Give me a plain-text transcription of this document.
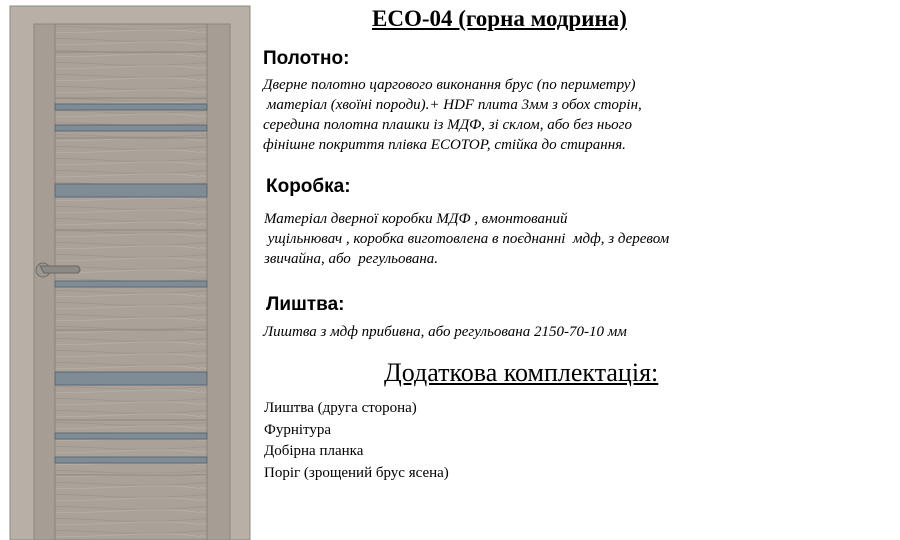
ECO-04 (горна модрина)
Полотно:
Дверне полотно царгового виконання брус (по периметру)
матеріал (хвоїні породи).+ HDF плита 3мм з обох сторін,
середина полотна плашки із МДФ, зі склом, або без нього
фінішне покриття плівка ECOTOP, стійка до стирання.
Коробка:
Матеріал дверної коробки МДФ , вмонтований
ущільнювач , коробка виготовлена в поєднанні  мдф, з деревом
звичайна, або  регульована.
Лиштва:
Лиштва з мдф прибивна, або регульована 2150-70-10 мм
Додаткова комплектація:
Лиштва (друга сторона)
Фурнітура
Добірна планка
Поріг (зрощений брус ясена)
